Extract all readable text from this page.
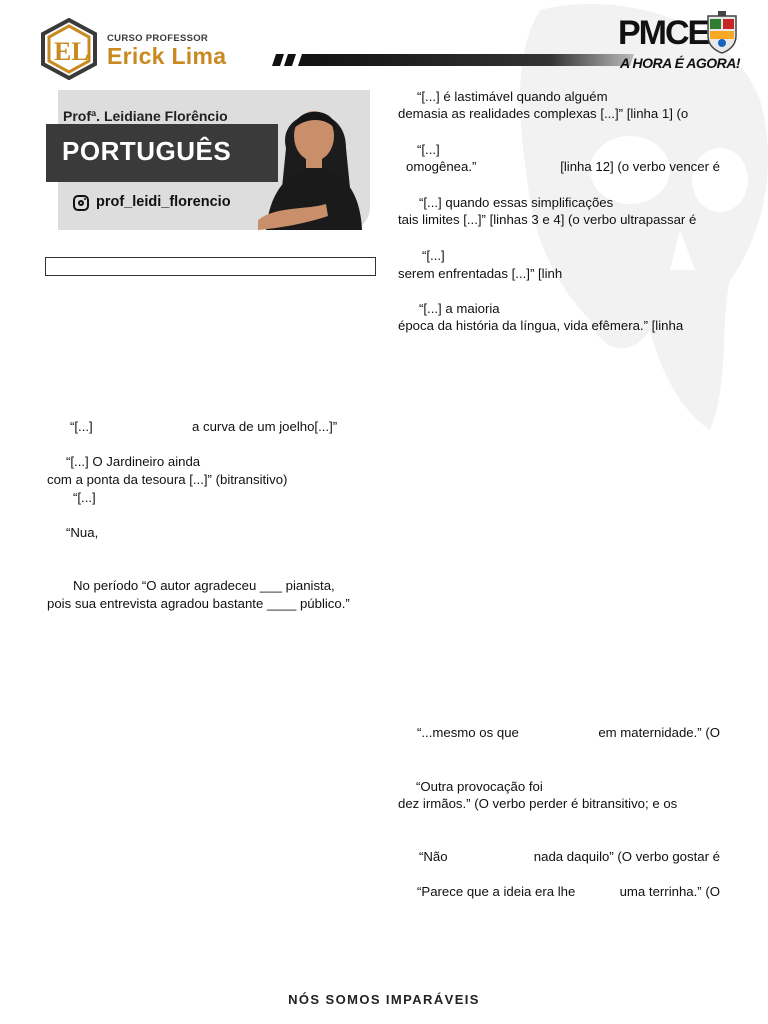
EL CURSO PROFESSOR
Erick Lima
PMCE
A HORA É AGORA!
Profª. Leidiane Florêncio
PORTUGUÊS
prof_leidi_florencio
“[...]	a curva de um joelho[...]”
“[...] O Jardineiro ainda
com a ponta da tesoura [...]” (bitransitivo)
“[...]
“Nua,
No período “O autor agradeceu ___ pianista,
pois sua entrevista agradou bastante ____ público.”
“[...] é lastimável quando alguém
demasia as realidades complexas [...]” [linha 1] (o
“[...]
omogênea.”	[linha 12] (o verbo vencer é
“[...] quando essas simplificações
tais limites [...]” [linhas 3 e 4] (o verbo ultrapassar é
“[...]
serem enfrentadas [...]” [linh
“[...] a maioria
época da história da língua, vida efêmera.” [linha
“...mesmo os que	em maternidade.” (O
“Outra provocação foi
dez irmãos.” (O verbo perder é bitransitivo; e os
“Não	nada daquilo” (O verbo gostar é
“Parece que a ideia era lhe	uma terrinha.” (O
NÓS SOMOS IMPARÁVEIS
